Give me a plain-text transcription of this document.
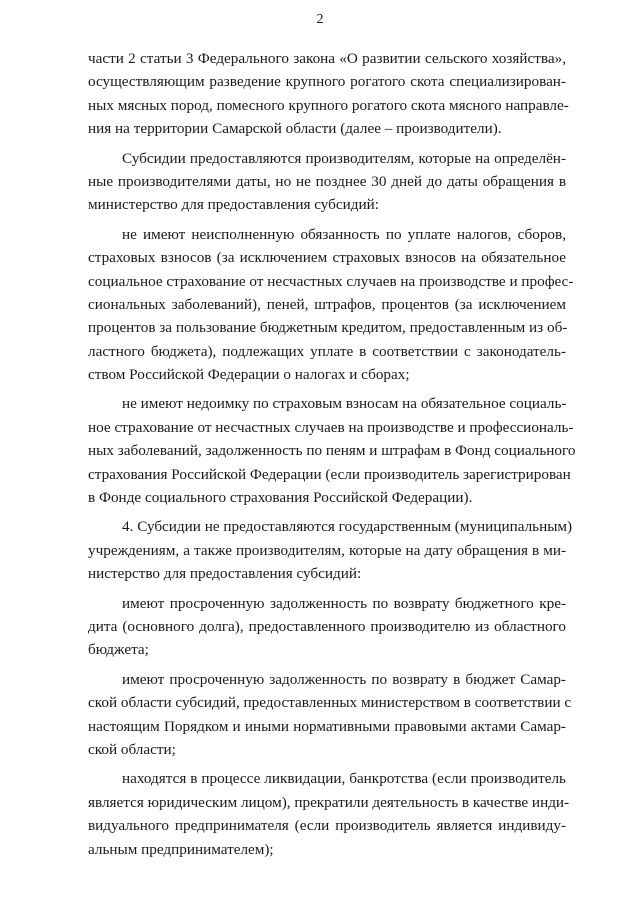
2
части 2 статьи 3 Федерального закона «О развитии сельского хозяйства»,
осуществляющим разведение крупного рогатого скота специализирован-
ных мясных пород, помесного крупного рогатого скота мясного направле-
ния на территории Самарской области (далее – производители).
Субсидии предоставляются производителям, которые на определён-
ные производителями даты, но не позднее 30 дней до даты обращения в
министерство для предоставления субсидий:
не имеют неисполненную обязанность по уплате налогов, сборов,
страховых взносов (за исключением страховых взносов на обязательное
социальное страхование от несчастных случаев на производстве и профес-
сиональных заболеваний), пеней, штрафов, процентов (за исключением
процентов за пользование бюджетным кредитом, предоставленным из об-
ластного бюджета), подлежащих уплате в соответствии с законодатель-
ством Российской Федерации о налогах и сборах;
не имеют недоимку по страховым взносам на обязательное социаль-
ное страхование от несчастных случаев на производстве и профессиональ-
ных заболеваний, задолженность по пеням и штрафам в Фонд социального
страхования Российской Федерации (если производитель зарегистрирован
в Фонде социального страхования Российской Федерации).
4. Субсидии не предоставляются государственным (муниципальным)
учреждениям, а также производителям, которые на дату обращения в ми-
нистерство для предоставления субсидий:
имеют просроченную задолженность по возврату бюджетного кре-
дита (основного долга), предоставленного производителю из областного
бюджета;
имеют просроченную задолженность по возврату в бюджет Самар-
ской области субсидий, предоставленных министерством в соответствии с
настоящим Порядком и иными нормативными правовыми актами Самар-
ской области;
находятся в процессе ликвидации, банкротства (если производитель
является юридическим лицом), прекратили деятельность в качестве инди-
видуального предпринимателя (если производитель является индивиду-
альным предпринимателем);
